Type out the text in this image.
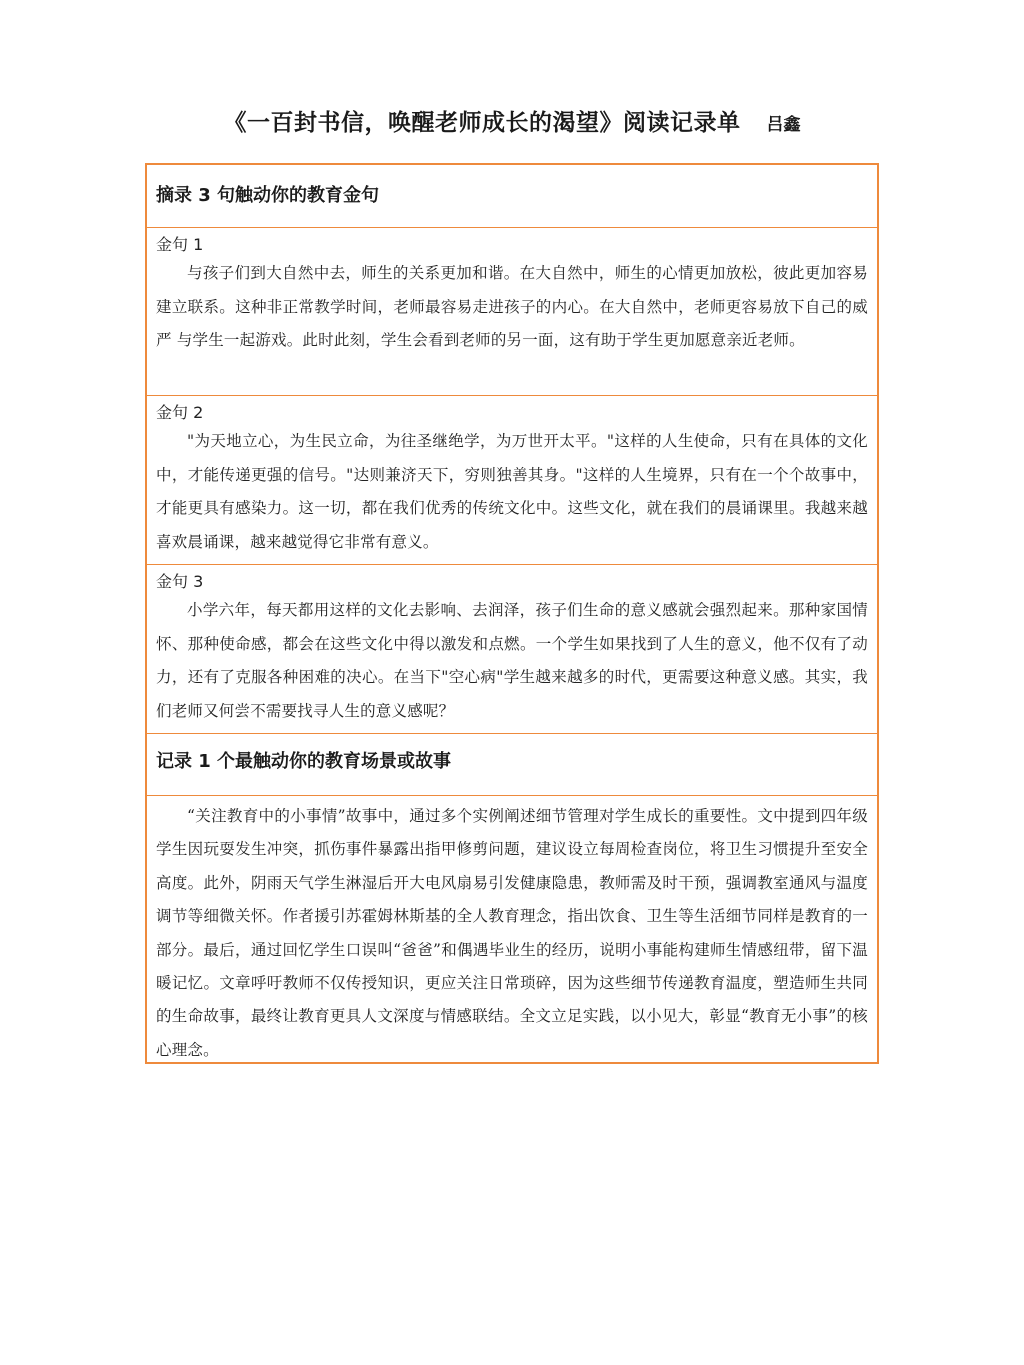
《一百封书信，唤醒老师成长的渴望》阅读记录单 吕鑫
摘录 3 句触动你的教育金句
金句 1
与孩子们到大自然中去，师生的关系更加和谐。在大自然中，师生的心情更加放松，彼此更加容易建立联系。这种非正常教学时间，老师最容易走进孩子的内心。在大自然中，老师更容易放下自己的威严 与学生一起游戏。此时此刻，学生会看到老师的另一面，这有助于学生更加愿意亲近老师。
金句 2
"为天地立心，为生民立命，为往圣继绝学，为万世开太平。"这样的人生使命，只有在具体的文化中，才能传递更强的信号。"达则兼济天下，穷则独善其身。"这样的人生境界，只有在一个个故事中，才能更具有感染力。这一切，都在我们优秀的传统文化中。这些文化，就在我们的晨诵课里。我越来越喜欢晨诵课，越来越觉得它非常有意义。
金句 3
小学六年，每天都用这样的文化去影响、去润泽，孩子们生命的意义感就会强烈起来。那种家国情怀、那种使命感，都会在这些文化中得以激发和点燃。一个学生如果找到了人生的意义，他不仅有了动力，还有了克服各种困难的决心。在当下"空心病"学生越来越多的时代，更需要这种意义感。其实，我们老师又何尝不需要找寻人生的意义感呢？
记录 1 个最触动你的教育场景或故事
“关注教育中的小事情”故事中，通过多个实例阐述细节管理对学生成长的重要性。文中提到四年级学生因玩耍发生冲突，抓伤事件暴露出指甲修剪问题，建议设立每周检查岗位，将卫生习惯提升至安全高度。此外，阴雨天气学生淋湿后开大电风扇易引发健康隐患，教师需及时干预，强调教室通风与温度调节等细微关怀。作者援引苏霍姆林斯基的全人教育理念，指出饮食、卫生等生活细节同样是教育的一部分。最后，通过回忆学生口误叫“爸爸”和偶遇毕业生的经历，说明小事能构建师生情感纽带，留下温暖记忆。文章呼吁教师不仅传授知识，更应关注日常琐碎，因为这些细节传递教育温度，塑造师生共同的生命故事，最终让教育更具人文深度与情感联结。全文立足实践，以小见大，彰显“教育无小事”的核心理念。
